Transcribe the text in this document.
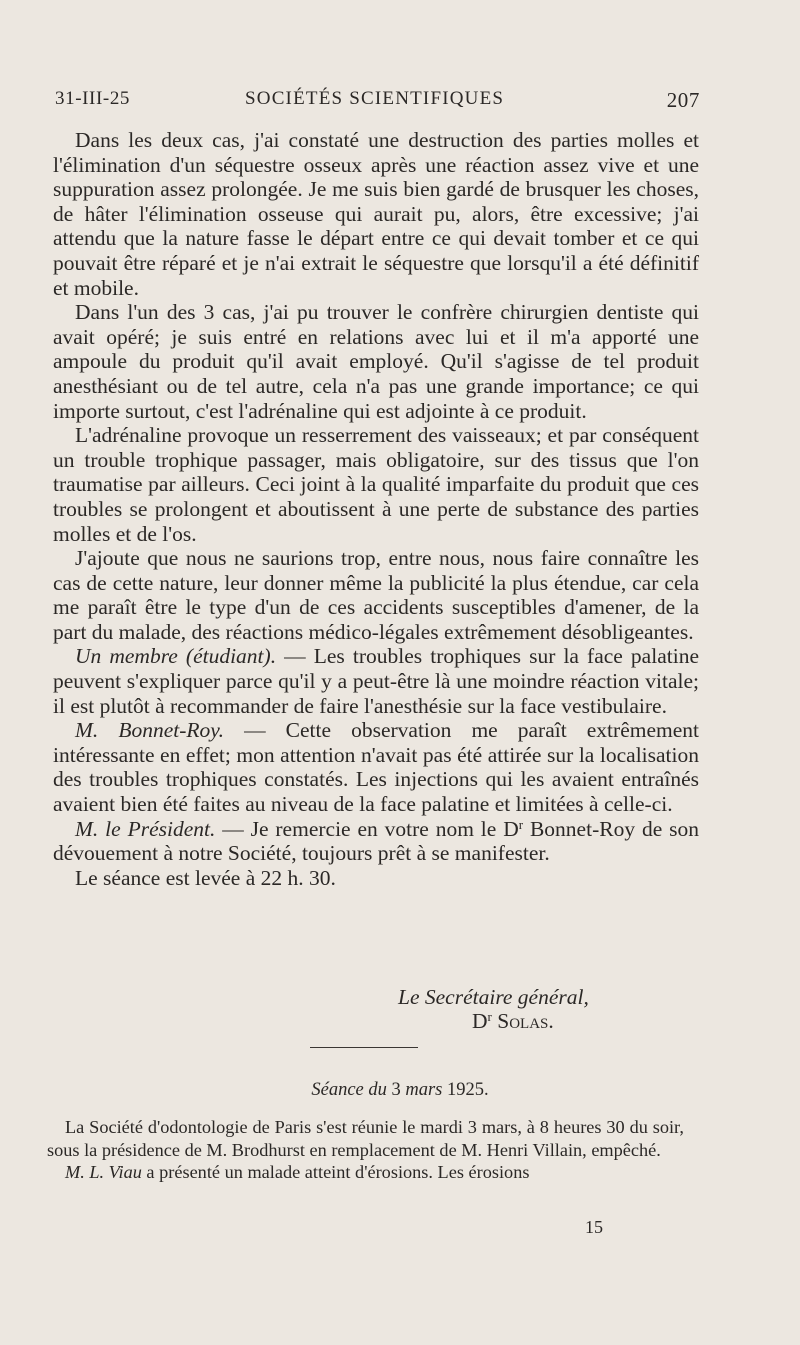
31-III-25	SOCIÉTÉS SCIENTIFIQUES	207

Dans les deux cas, j'ai constaté une destruction des parties molles et l'élimination d'un séquestre osseux après une réaction assez vive et une suppuration assez prolongée. Je me suis bien gardé de brusquer les choses, de hâter l'élimination osseuse qui aurait pu, alors, être excessive; j'ai attendu que la nature fasse le départ entre ce qui devait tomber et ce qui pouvait être réparé et je n'ai extrait le séquestre que lorsqu'il a été définitif et mobile.

Dans l'un des 3 cas, j'ai pu trouver le confrère chirurgien dentiste qui avait opéré; je suis entré en relations avec lui et il m'a apporté une ampoule du produit qu'il avait employé. Qu'il s'agisse de tel produit anesthésiant ou de tel autre, cela n'a pas une grande importance; ce qui importe surtout, c'est l'adrénaline qui est adjointe à ce produit.

L'adrénaline provoque un resserrement des vaisseaux; et par conséquent un trouble trophique passager, mais obligatoire, sur des tissus que l'on traumatise par ailleurs. Ceci joint à la qualité imparfaite du produit que ces troubles se prolongent et aboutissent à une perte de substance des parties molles et de l'os.

J'ajoute que nous ne saurions trop, entre nous, nous faire connaître les cas de cette nature, leur donner même la publicité la plus étendue, car cela me paraît être le type d'un de ces accidents susceptibles d'amener, de la part du malade, des réactions médico-légales extrêmement désobligeantes.

Un membre (étudiant). — Les troubles trophiques sur la face palatine peuvent s'expliquer parce qu'il y a peut-être là une moindre réaction vitale; il est plutôt à recommander de faire l'anesthésie sur la face vestibulaire.

M. Bonnet-Roy. — Cette observation me paraît extrêmement intéressante en effet; mon attention n'avait pas été attirée sur la localisation des troubles trophiques constatés. Les injections qui les avaient entraînés avaient bien été faites au niveau de la face palatine et limitées à celle-ci.

M. le Président. — Je remercie en votre nom le $D^r$ Bonnet-Roy de son dévouement à notre Société, toujours prêt à se manifester.

Le séance est levée à 22 h. 30.

Le Secrétaire général,
$D^r$ Solas.
Séance du 3 mars 1925.

La Société d'odontologie de Paris s'est réunie le mardi 3 mars, à 8 heures 30 du soir, sous la présidence de M. Brodhurst en remplacement de M. Henri Villain, empêché.

M. L. Viau a présenté un malade atteint d'érosions. Les érosions

15
